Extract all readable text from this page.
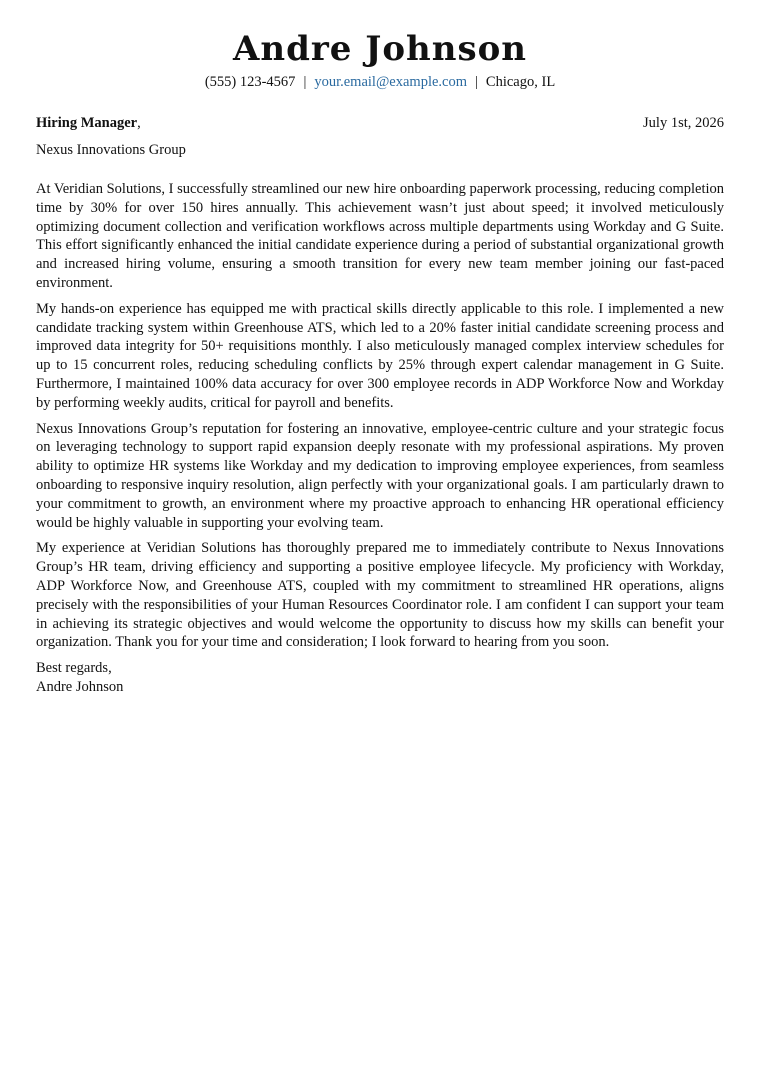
Andre Johnson
(555) 123-4567 | your.email@example.com | Chicago, IL
Hiring Manager,	July 1st, 2026
Nexus Innovations Group

At Veridian Solutions, I successfully streamlined our new hire onboarding paperwork processing, reducing completion time by 30% for over 150 hires annually. This achievement wasn’t just about speed; it involved meticulously optimizing document collection and verification workflows across multiple departments using Workday and G Suite. This effort significantly enhanced the initial candidate experience during a period of substantial organizational growth and increased hiring volume, ensuring a smooth transition for every new team member joining our fast-paced environment.

My hands-on experience has equipped me with practical skills directly applicable to this role. I implemented a new candidate tracking system within Greenhouse ATS, which led to a 20% faster initial candidate screening process and improved data integrity for 50+ requisitions monthly. I also meticulously managed complex interview schedules for up to 15 concurrent roles, reducing scheduling conflicts by 25% through expert calendar management in G Suite. Furthermore, I maintained 100% data accuracy for over 300 employee records in ADP Workforce Now and Workday by performing weekly audits, critical for payroll and benefits.

Nexus Innovations Group’s reputation for fostering an innovative, employee-centric culture and your strategic focus on leveraging technology to support rapid expansion deeply resonate with my professional aspirations. My proven ability to optimize HR systems like Workday and my dedication to improving employee experiences, from seamless onboarding to responsive inquiry resolution, align perfectly with your organizational goals. I am particularly drawn to your commitment to growth, an environment where my proactive approach to enhancing HR operational efficiency would be highly valuable in supporting your evolving team.

My experience at Veridian Solutions has thoroughly prepared me to immediately contribute to Nexus Innovations Group’s HR team, driving efficiency and supporting a positive employee lifecycle. My proficiency with Workday, ADP Workforce Now, and Greenhouse ATS, coupled with my commitment to streamlined HR operations, aligns precisely with the responsibilities of your Human Resources Coordinator role. I am confident I can support your team in achieving its strategic objectives and would welcome the opportunity to discuss how my skills can benefit your organization. Thank you for your time and consideration; I look forward to hearing from you soon.

Best regards,
Andre Johnson
